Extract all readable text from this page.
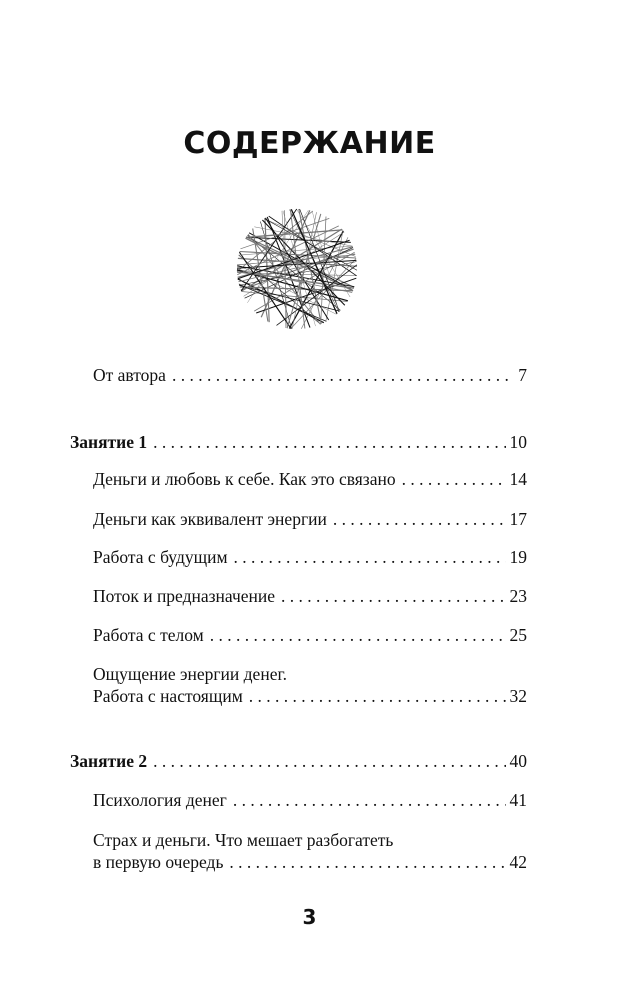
СОДЕРЖАНИЕ
От автора . . .	7
Занятие 1 . . .	10
Деньги и любовь к себе. Как это связано . . .	14
Деньги как эквивалент энергии . . .	17
Работа с будущим . . .	19
Поток и предназначение . . .	23
Работа с телом . . .	25
Ощущение энергии денег.
Работа с настоящим . . .	32
Занятие 2 . . .	40
Психология денег . . .	41
Страх и деньги. Что мешает разбогатеть
в первую очередь . . .	42
3
